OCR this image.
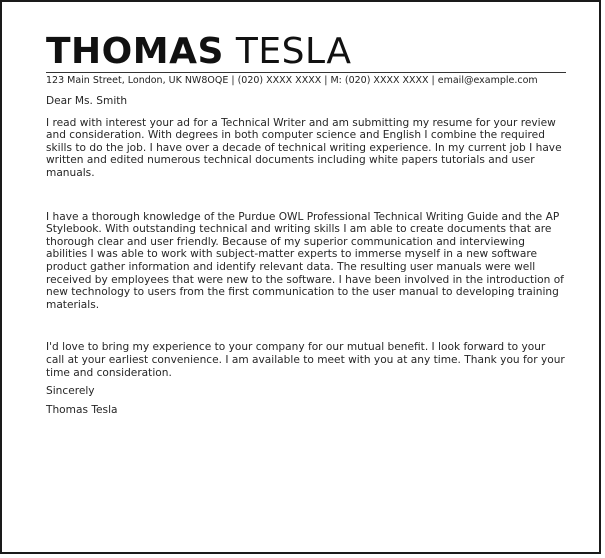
THOMAS TESLA
123 Main Street, London, UK NW8OQE | (020) XXXX XXXX | M: (020) XXXX XXXX | email@example.com

Dear Ms. Smith

I read with interest your ad for a Technical Writer and am submitting my resume for your review and consideration. With degrees in both computer science and English I combine the required skills to do the job. I have over a decade of technical writing experience. In my current job I have written and edited numerous technical documents including white papers tutorials and user manuals.

I have a thorough knowledge of the Purdue OWL Professional Technical Writing Guide and the AP Stylebook. With outstanding technical and writing skills I am able to create documents that are thorough clear and user friendly. Because of my superior communication and interviewing abilities I was able to work with subject-matter experts to immerse myself in a new software product gather information and identify relevant data. The resulting user manuals were well received by employees that were new to the software. I have been involved in the introduction of new technology to users from the first communication to the user manual to developing training materials.

I'd love to bring my experience to your company for our mutual benefit. I look forward to your call at your earliest convenience. I am available to meet with you at any time. Thank you for your time and consideration.

Sincerely

Thomas Tesla
